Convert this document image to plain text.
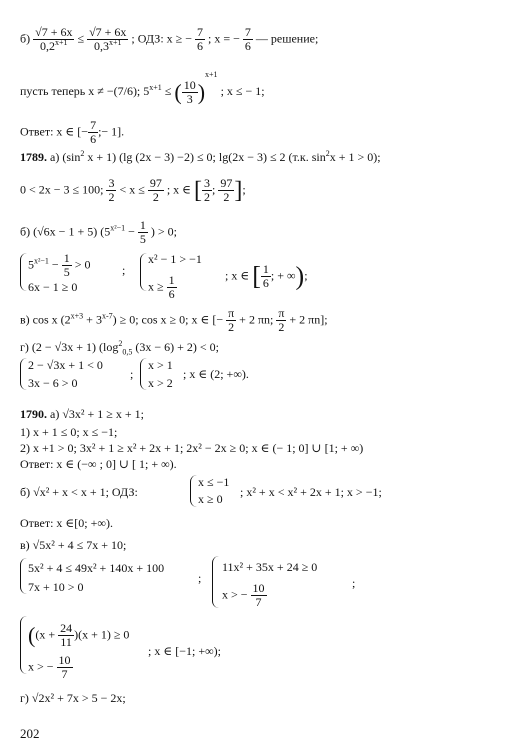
$б) \frac{√7 + 6x}{0,2^{x+1}} \le \frac{√7 + 6x}{0,3^{x+1}}$ ; ОДЗ: x ≥ − $\frac{7}{6}$ ; x = − $\frac{7}{6}$ — решение;
пусть теперь x ≠ −(7/6); $5^{x+1}$ ≤ ( $\frac{10}{3} )^{x+1}$ ; x ≤ − 1;
Ответ: x ∈ [− $\frac{7}{6}$ ;− 1].
1789. а) ($\sin^2$ x + 1) (lg (2x − 3) −2) ≤ 0; lg(2x − 3) ≤ 2 (т.к. $\sin^2x + 1 > 0$);
0 < 2x − 3 ≤ 100; $\frac{3}{2} < x \le \frac{97}{2}$ ; x ∈ [ $\frac{3}{2}$ ; $\frac{97}{2}$ ];
б) (√6x − 1 + 5) ($5^{x^2-1} - \frac{1}{5}$ ) > 0;
$5^{x^2-1} - \frac{1}{5} > 0$
6x − 1 ≥ 0
;
x² − 1 > −1
$x \ge \frac{1}{6}$	; x ∈ [ $\frac{1}{6}$ ; + ∞);
в) cos x $(2^{x+3} + 3^{x-7}) \ge 0$; cos x ≥ 0; x ∈ [− $\frac{\pi}{2} + 2$ πn; $\frac{\pi}{2} + 2$ πn];
г) (2 − √3x + 1) ($\log^2_{0,5}$ (3x − 6) + 2) < 0;
2 − √3x + 1 < 0
3x − 6 > 0
;
x > 1
x > 2
; x ∈ (2; +∞).
1790. а) √3x² + 1 ≥ x + 1;
1) x + 1 ≤ 0; x ≤ −1;
2) x +1 > 0; 3x² + 1 ≥ x² + 2x + 1; 2x² − 2x ≥ 0; x ∈ (− 1; 0] ∪ [1; + ∞)
Ответ: x ∈ (−∞ ; 0] ∪ [ 1; + ∞).
б) √x² + x < x + 1; ОДЗ:
x ≤ −1
x ≥ 0 ; x² + x < x² + 2x + 1; x > −1;
Ответ: x ∈[0; +∞).
в) √5x² + 4 ≤ 7x + 10;
5x² + 4 ≤ 49x² + 140x + 100
7x + 10 > 0
;
11x² + 35x + 24 ≥ 0
x > − $\frac{10}{7}$	;
($(x + \frac{24}{11} )(x + 1) \ge 0$
x > − $\frac{10}{7}$
; x ∈ [−1; +∞);
г) √2x² + 7x > 5 − 2x;
202
